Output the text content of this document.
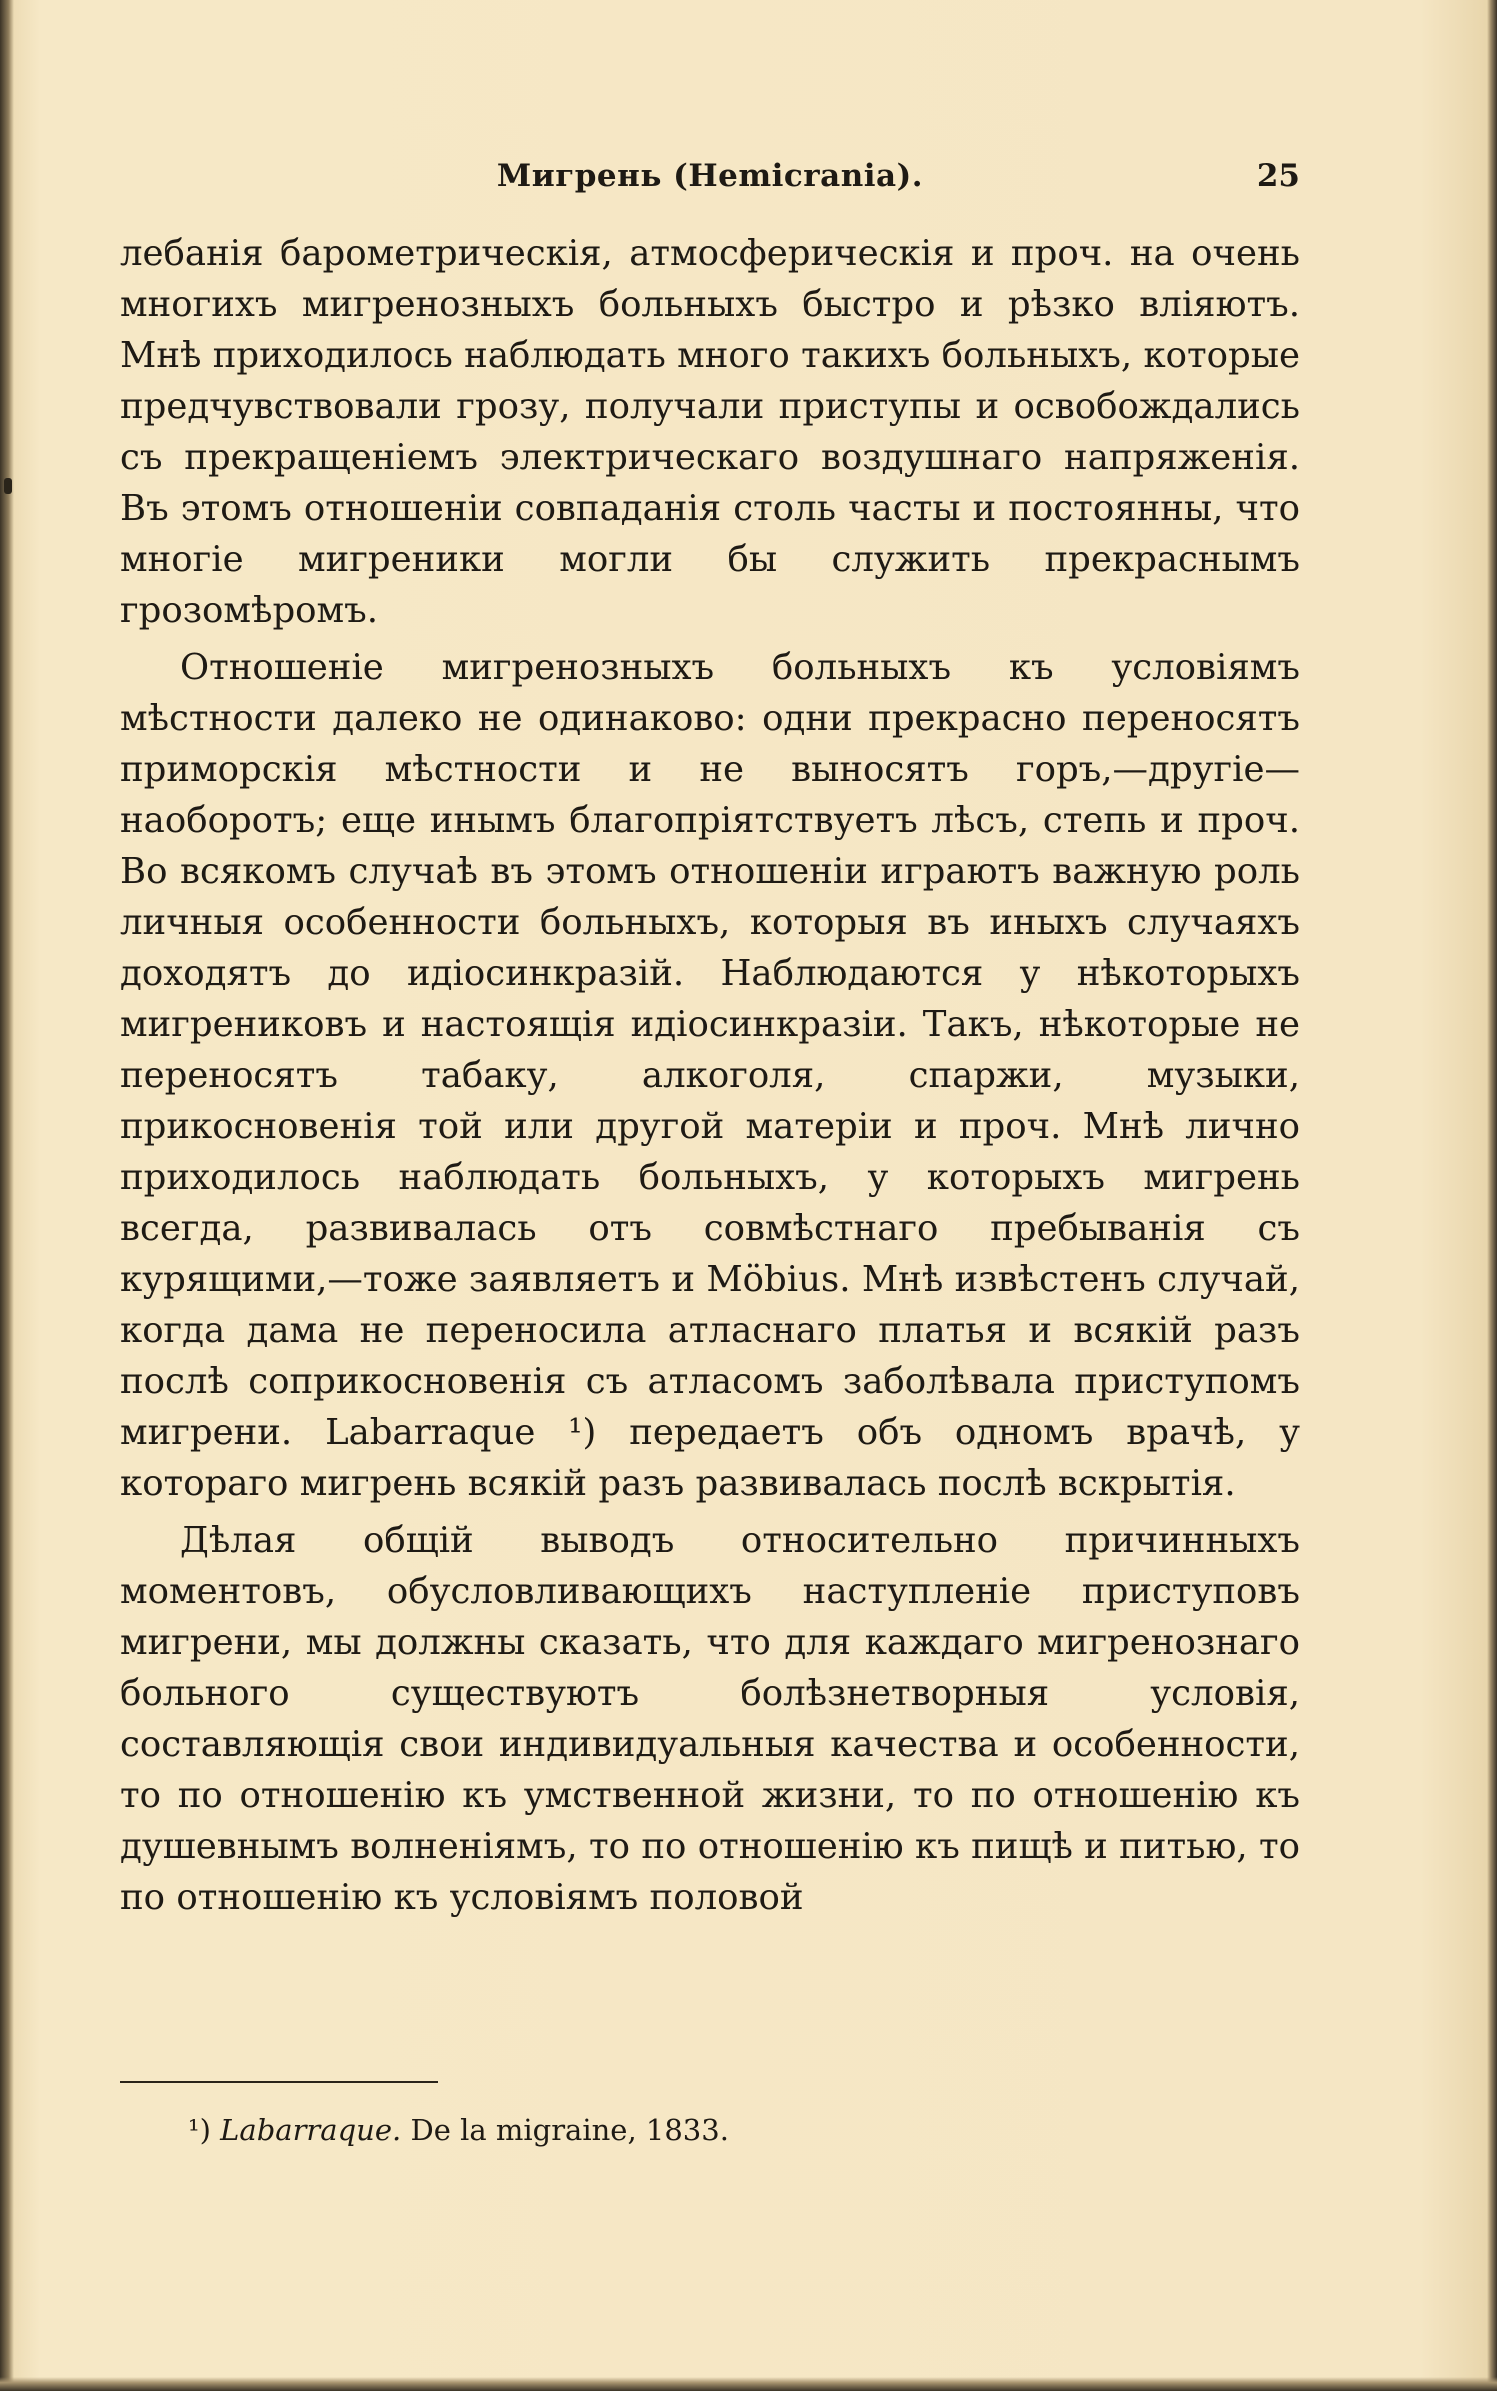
Мигрень (Hemicrania).	25

лебанія барометрическія, атмосферическія и проч. на очень многихъ мигренозныхъ больныхъ быстро и рѣзко вліяютъ. Мнѣ приходилось наблюдать много такихъ больныхъ, которые предчувствовали грозу, получали приступы и освобождались съ прекращеніемъ электрическаго воздушнаго напряженія. Въ этомъ отношеніи совпаданія столь часты и постоянны, что многіе мигреники могли бы служить прекраснымъ грозомѣромъ.

Отношеніе мигренозныхъ больныхъ къ условіямъ мѣстности далеко не одинаково: одни прекрасно переносятъ приморскія мѣстности и не выносятъ горъ,—другіе—наоборотъ; еще инымъ благопріятствуетъ лѣсъ, степь и проч. Во всякомъ случаѣ въ этомъ отношеніи играютъ важную роль личныя особенности больныхъ, которыя въ иныхъ случаяхъ доходятъ до идіосинкразій. Наблюдаются у нѣкоторыхъ мигрениковъ и настоящія идіосинкразіи. Такъ, нѣкоторые не переносятъ табаку, алкоголя, спаржи, музыки, прикосновенія той или другой матеріи и проч. Мнѣ лично приходилось наблюдать больныхъ, у которыхъ мигрень всегда, развивалась отъ совмѣстнаго пребыванія съ курящими,—тоже заявляетъ и Möbius. Мнѣ извѣстенъ случай, когда дама не переносила атласнаго платья и всякій разъ послѣ соприкосновенія съ атласомъ заболѣвала приступомъ мигрени. Labarraque ¹) передаетъ объ одномъ врачѣ, у котораго мигрень всякій разъ развивалась послѣ вскрытія.

Дѣлая общій выводъ относительно причинныхъ моментовъ, обусловливающихъ наступленіе приступовъ мигрени, мы должны сказать, что для каждаго мигренознаго больного существуютъ болѣзнетворныя условія, составляющія свои индивидуальныя качества и особенности, то по отношенію къ умственной жизни, то по отношенію къ душевнымъ волненіямъ, то по отношенію къ пищѣ и питью, то по отношенію къ условіямъ половой

¹) Labarraque. De la migraine, 1833.
